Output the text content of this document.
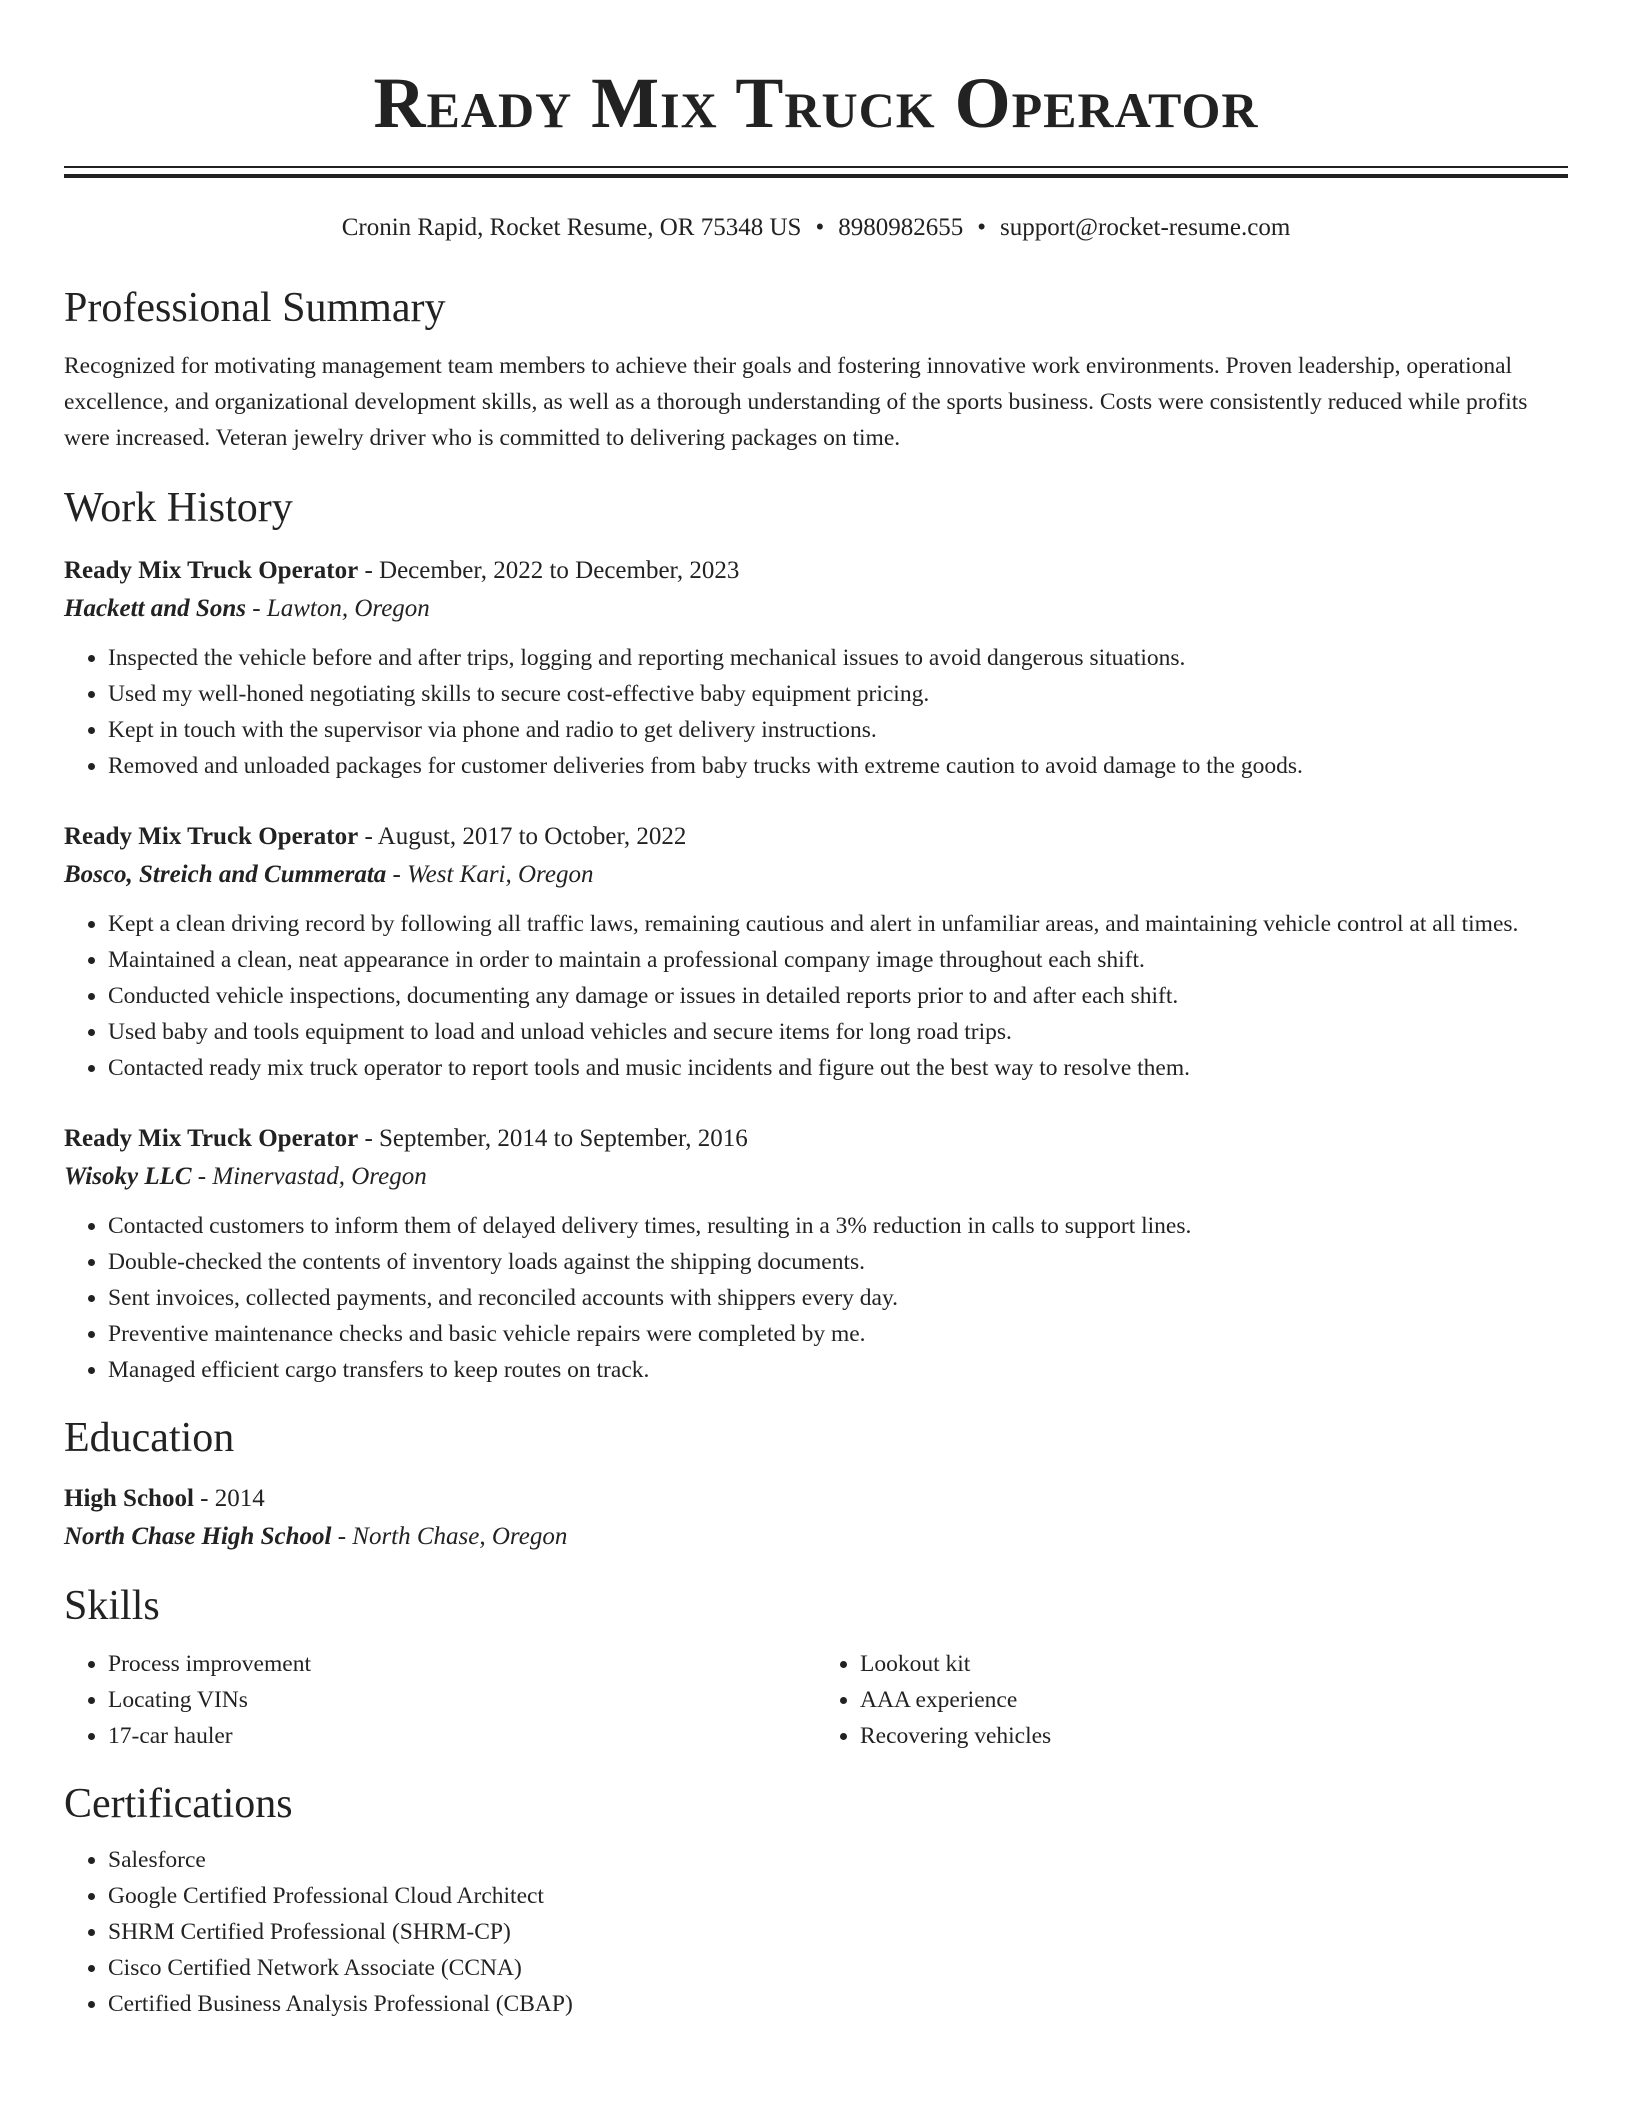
Ready Mix Truck Operator
Cronin Rapid, Rocket Resume, OR 75348 US • 8980982655 • support@rocket-resume.com
Professional Summary

Recognized for motivating management team members to achieve their goals and fostering innovative work environments. Proven leadership, operational excellence, and organizational development skills, as well as a thorough understanding of the sports business. Costs were consistently reduced while profits were increased. Veteran jewelry driver who is committed to delivering packages on time.

Work History
Ready Mix Truck Operator - December, 2022 to December, 2023
Hackett and Sons - Lawton, Oregon
• Inspected the vehicle before and after trips, logging and reporting mechanical issues to avoid dangerous situations.
• Used my well-honed negotiating skills to secure cost-effective baby equipment pricing.
• Kept in touch with the supervisor via phone and radio to get delivery instructions.
• Removed and unloaded packages for customer deliveries from baby trucks with extreme caution to avoid damage to the goods.
Ready Mix Truck Operator - August, 2017 to October, 2022
Bosco, Streich and Cummerata - West Kari, Oregon
• Kept a clean driving record by following all traffic laws, remaining cautious and alert in unfamiliar areas, and maintaining vehicle control at all times.
• Maintained a clean, neat appearance in order to maintain a professional company image throughout each shift.
• Conducted vehicle inspections, documenting any damage or issues in detailed reports prior to and after each shift.
• Used baby and tools equipment to load and unload vehicles and secure items for long road trips.
• Contacted ready mix truck operator to report tools and music incidents and figure out the best way to resolve them.
Ready Mix Truck Operator - September, 2014 to September, 2016
Wisoky LLC - Minervastad, Oregon
• Contacted customers to inform them of delayed delivery times, resulting in a 3% reduction in calls to support lines.
• Double-checked the contents of inventory loads against the shipping documents.
• Sent invoices, collected payments, and reconciled accounts with shippers every day.
• Preventive maintenance checks and basic vehicle repairs were completed by me.
• Managed efficient cargo transfers to keep routes on track.
Education
High School - 2014
North Chase High School - North Chase, Oregon
Skills
• Process improvement
• Locating VINs
• 17-car hauler
• Lookout kit
• AAA experience
• Recovering vehicles
Certifications
• Salesforce
• Google Certified Professional Cloud Architect
• SHRM Certified Professional (SHRM-CP)
• Cisco Certified Network Associate (CCNA)
• Certified Business Analysis Professional (CBAP)
